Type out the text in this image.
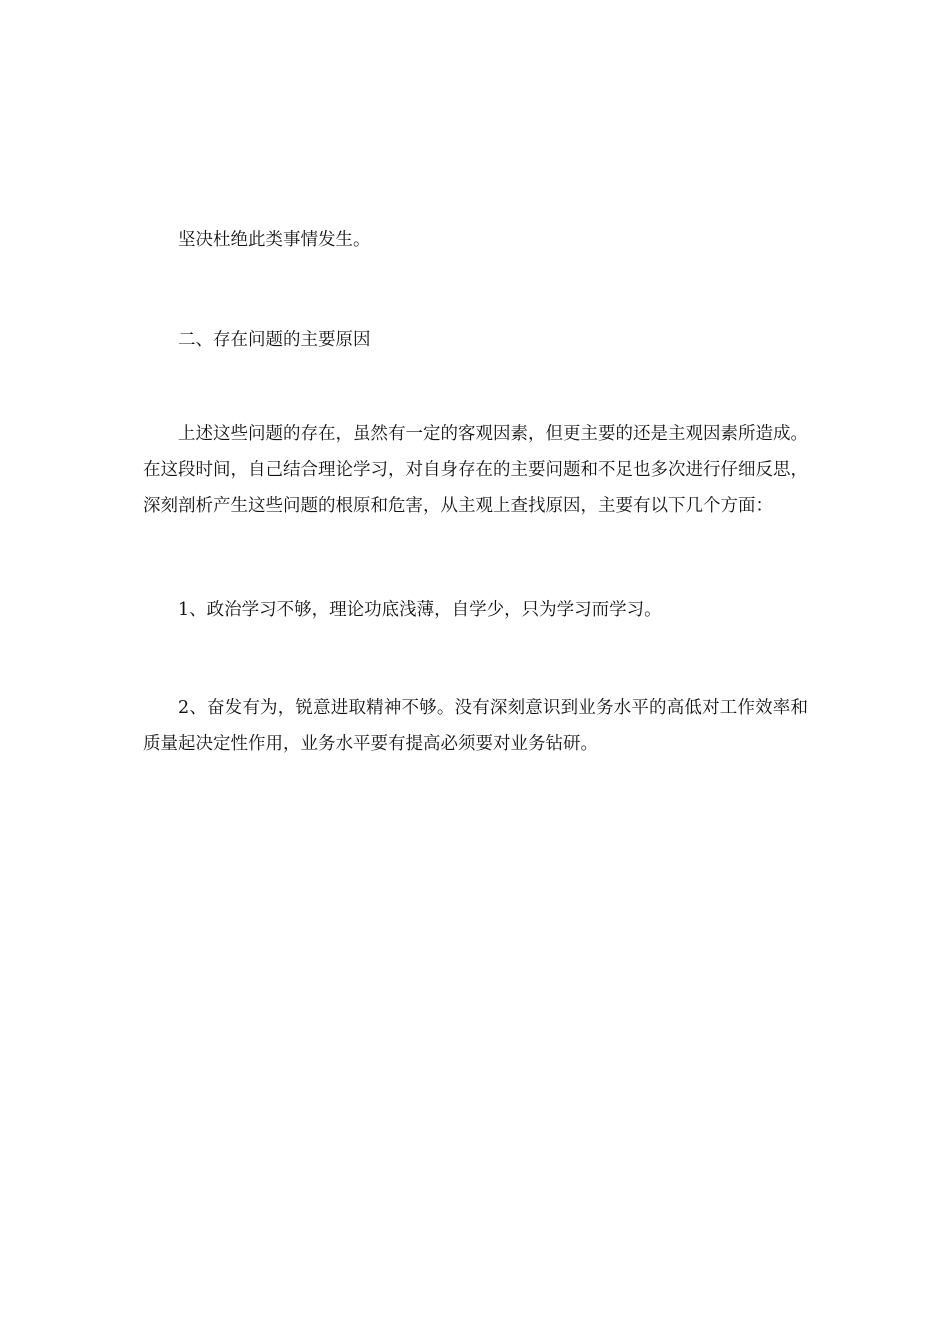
坚决杜绝此类事情发生。

二、存在问题的主要原因

上述这些问题的存在，虽然有一定的客观因素，但更主要的还是主观因素所造成。在这段时间，自己结合理论学习，对自身存在的主要问题和不足也多次进行仔细反思，深刻剖析产生这些问题的根原和危害，从主观上查找原因，主要有以下几个方面：

1、政治学习不够，理论功底浅薄，自学少，只为学习而学习。

2、奋发有为，锐意进取精神不够。没有深刻意识到业务水平的高低对工作效率和质量起决定性作用，业务水平要有提高必须要对业务钻研。
